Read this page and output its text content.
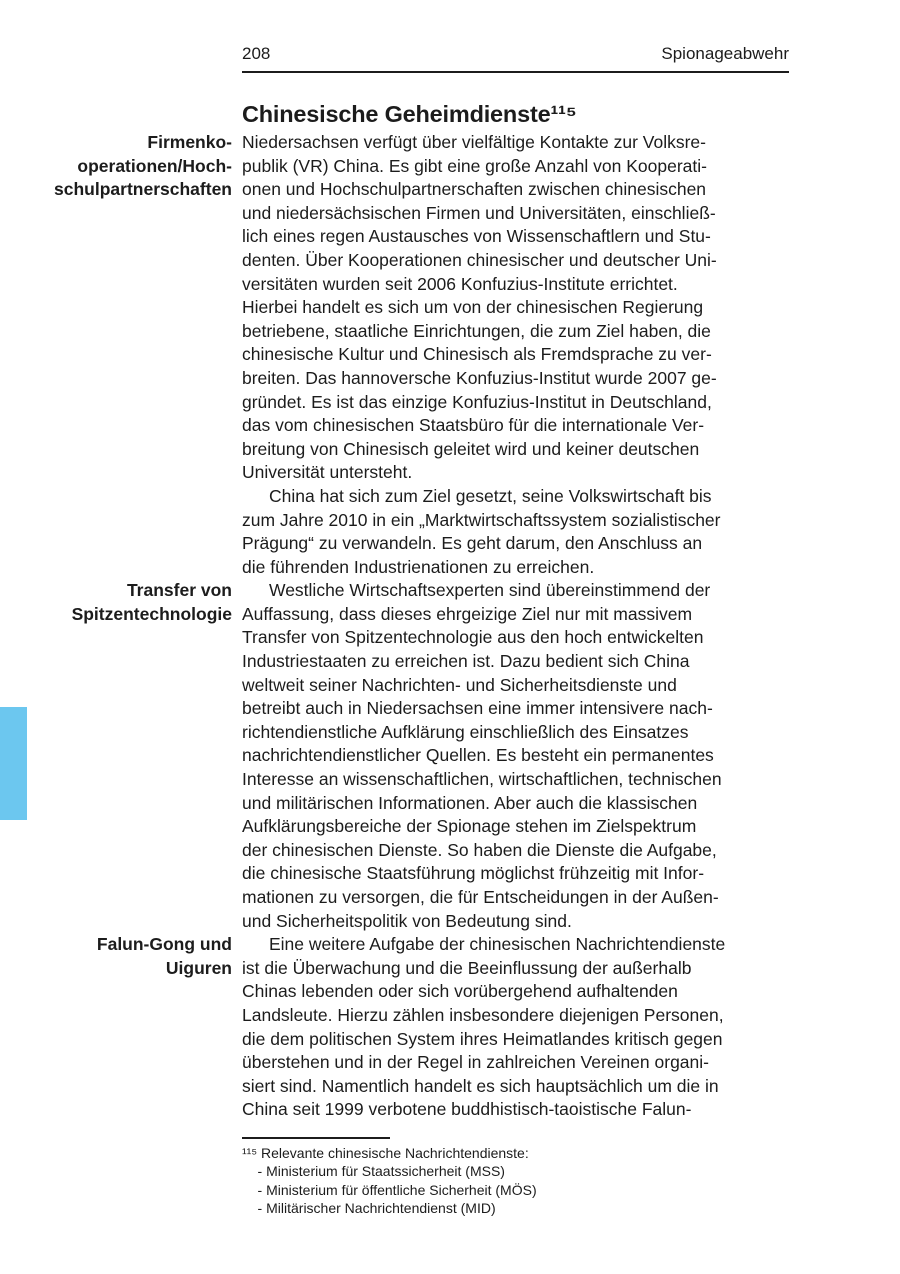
208	Spionageabwehr
Chinesische Geheimdienste¹¹⁵
Firmenko-
operationen/Hoch-
schulpartnerschaften
Transfer von
Spitzentechnologie
Falun-Gong und
Uiguren

Niedersachsen verfügt über vielfältige Kontakte zur Volksre-
publik (VR) China. Es gibt eine große Anzahl von Kooperati-
onen und Hochschulpartnerschaften zwischen chinesischen
und niedersächsischen Firmen und Universitäten, einschließ-
lich eines regen Austausches von Wissenschaftlern und Stu-
denten. Über Kooperationen chinesischer und deutscher Uni-
versitäten wurden seit 2006 Konfuzius-Institute errichtet.
Hierbei handelt es sich um von der chinesischen Regierung
betriebene, staatliche Einrichtungen, die zum Ziel haben, die
chinesische Kultur und Chinesisch als Fremdsprache zu ver-
breiten. Das hannoversche Konfuzius-Institut wurde 2007 ge-
gründet. Es ist das einzige Konfuzius-Institut in Deutschland,
das vom chinesischen Staatsbüro für die internationale Ver-
breitung von Chinesisch geleitet wird und keiner deutschen
Universität untersteht.

China hat sich zum Ziel gesetzt, seine Volkswirtschaft bis
zum Jahre 2010 in ein „Marktwirtschaftssystem sozialistischer
Prägung“ zu verwandeln. Es geht darum, den Anschluss an
die führenden Industrienationen zu erreichen.

Westliche Wirtschaftsexperten sind übereinstimmend der
Auffassung, dass dieses ehrgeizige Ziel nur mit massivem
Transfer von Spitzentechnologie aus den hoch entwickelten
Industriestaaten zu erreichen ist. Dazu bedient sich China
weltweit seiner Nachrichten- und Sicherheitsdienste und
betreibt auch in Niedersachsen eine immer intensivere nach-
richtendienstliche Aufklärung einschließlich des Einsatzes
nachrichtendienstlicher Quellen. Es besteht ein permanentes
Interesse an wissenschaftlichen, wirtschaftlichen, technischen
und militärischen Informationen. Aber auch die klassischen
Aufklärungsbereiche der Spionage stehen im Zielspektrum
der chinesischen Dienste. So haben die Dienste die Aufgabe,
die chinesische Staatsführung möglichst frühzeitig mit Infor-
mationen zu versorgen, die für Entscheidungen in der Außen-
und Sicherheitspolitik von Bedeutung sind.

Eine weitere Aufgabe der chinesischen Nachrichtendienste
ist die Überwachung und die Beeinflussung der außerhalb
Chinas lebenden oder sich vorübergehend aufhaltenden
Landsleute. Hierzu zählen insbesondere diejenigen Personen,
die dem politischen System ihres Heimatlandes kritisch gegen
überstehen und in der Regel in zahlreichen Vereinen organi-
siert sind. Namentlich handelt es sich hauptsächlich um die in
China seit 1999 verbotene buddhistisch-taoistische Falun-

¹¹⁵ Relevante chinesische Nachrichtendienste:
- Ministerium für Staatssicherheit (MSS)
- Ministerium für öffentliche Sicherheit (MÖS)
- Militärischer Nachrichtendienst (MID)
